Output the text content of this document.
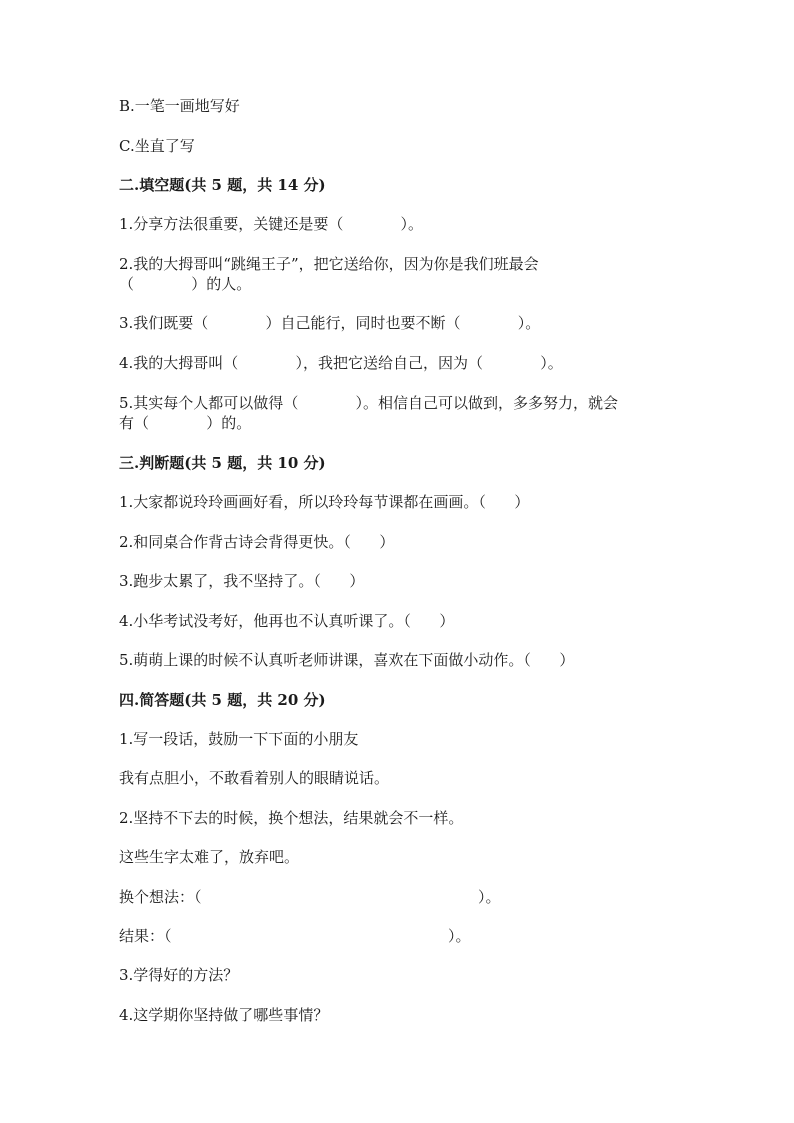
B.一笔一画地写好
C.坐直了写
二.填空题(共 5 题，共 14 分)
1.分享方法很重要，关键还是要（            ）。
2.我的大拇哥叫“跳绳王子”，把它送给你，因为你是我们班最会
（            ）的人。
3.我们既要（            ）自己能行，同时也要不断（            ）。
4.我的大拇哥叫（            ），我把它送给自己，因为（            ）。
5.其实每个人都可以做得（            ）。相信自己可以做到，多多努力，就会
有（            ）的。
三.判断题(共 5 题，共 10 分)
1.大家都说玲玲画画好看，所以玲玲每节课都在画画。（      ）
2.和同桌合作背古诗会背得更快。（      ）
3.跑步太累了，我不坚持了。（      ）
4.小华考试没考好，他再也不认真听课了。（      ）
5.萌萌上课的时候不认真听老师讲课，喜欢在下面做小动作。（      ）
四.简答题(共 5 题，共 20 分)
1.写一段话，鼓励一下下面的小朋友
我有点胆小，不敢看着别人的眼睛说话。
2.坚持不下去的时候，换个想法，结果就会不一样。
这些生字太难了，放弃吧。
换个想法：（                                                          ）。
结果：（                                                          ）。
3.学得好的方法？
4.这学期你坚持做了哪些事情？
